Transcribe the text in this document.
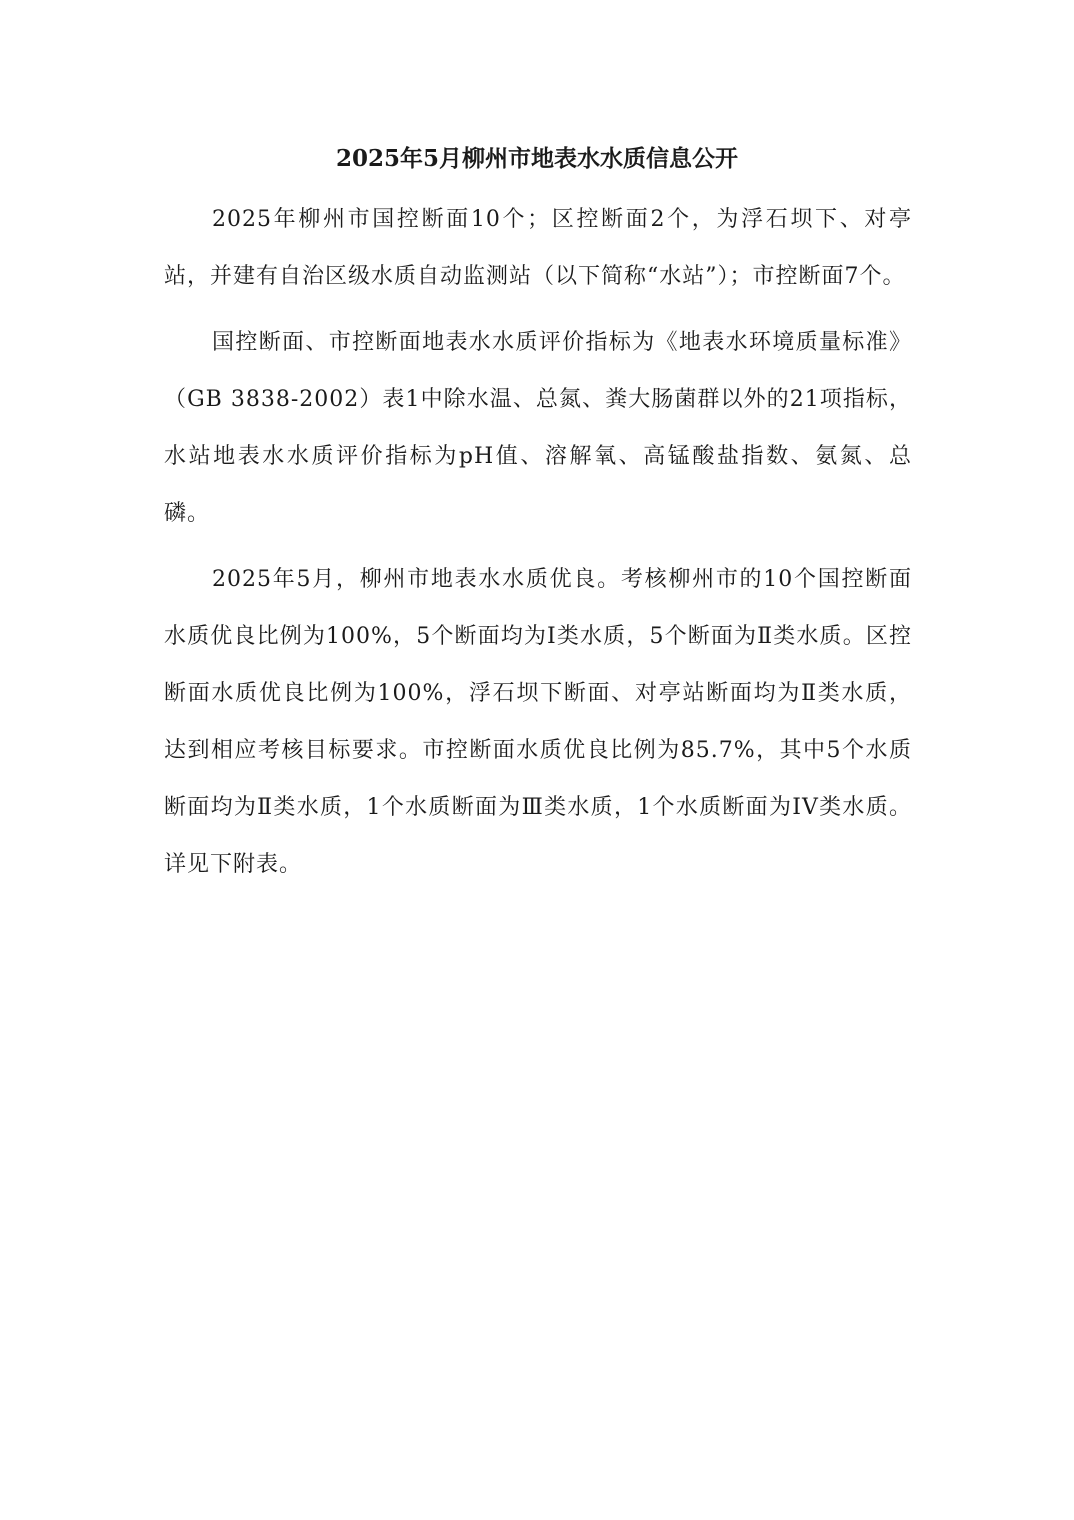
2025年5月柳州市地表水水质信息公开

2025年柳州市国控断面10个；区控断面2个，为浮石坝下、对亭站，并建有自治区级水质自动监测站（以下简称“水站”）；市控断面7个。

国控断面、市控断面地表水水质评价指标为《地表水环境质量标准》（GB 3838-2002）表1中除水温、总氮、粪大肠菌群以外的21项指标，水站地表水水质评价指标为pH值、溶解氧、高锰酸盐指数、氨氮、总磷。

2025年5月，柳州市地表水水质优良。考核柳州市的10个国控断面水质优良比例为100%，5个断面均为Ⅰ类水质，5个断面为Ⅱ类水质。区控断面水质优良比例为100%，浮石坝下断面、对亭站断面均为Ⅱ类水质，达到相应考核目标要求。市控断面水质优良比例为85.7%，其中5个水质断面均为Ⅱ类水质，1个水质断面为Ⅲ类水质，1个水质断面为IV类水质。详见下附表。
